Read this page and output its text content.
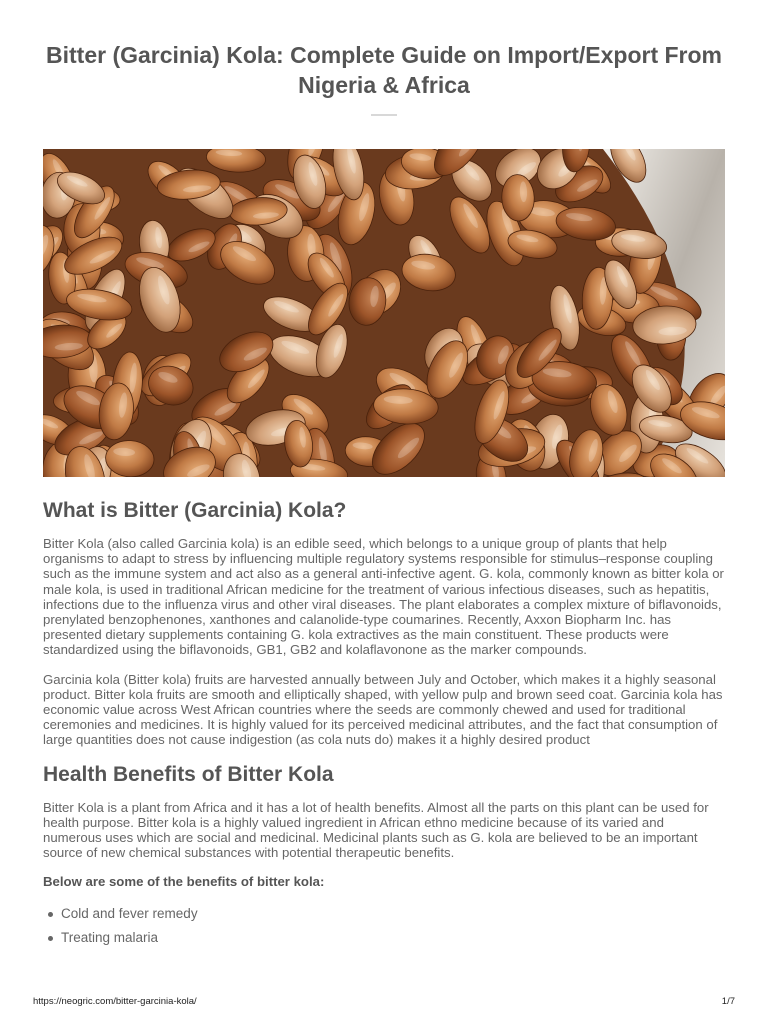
Bitter (Garcinia) Kola: Complete Guide on Import/Export From Nigeria & Africa
What is Bitter (Garcinia) Kola?

Bitter Kola (also called Garcinia kola) is an edible seed, which belongs to a unique group of plants that help organisms to adapt to stress by influencing multiple regulatory systems responsible for stimulus–response coupling such as the immune system and act also as a general anti-infective agent. G. kola, commonly known as bitter kola or male kola, is used in traditional African medicine for the treatment of various infectious diseases, such as hepatitis, infections due to the influenza virus and other viral diseases. The plant elaborates a complex mixture of biflavonoids, prenylated benzophenones, xanthones and calanolide-type coumarines. Recently, Axxon Biopharm Inc. has presented dietary supplements containing G. kola extractives as the main constituent. These products were standardized using the biflavonoids, GB1, GB2 and kolaflavonone as the marker compounds.

Garcinia kola (Bitter kola) fruits are harvested annually between July and October, which makes it a highly seasonal product. Bitter kola fruits are smooth and elliptically shaped, with yellow pulp and brown seed coat. Garcinia kola has economic value across West African countries where the seeds are commonly chewed and used for traditional ceremonies and medicines. It is highly valued for its perceived medicinal attributes, and the fact that consumption of large quantities does not cause indigestion (as cola nuts do) makes it a highly desired product

Health Benefits of Bitter Kola

Bitter Kola is a plant from Africa and it has a lot of health benefits. Almost all the parts on this plant can be used for health purpose. Bitter kola is a highly valued ingredient in African ethno medicine because of its varied and numerous uses which are social and medicinal. Medicinal plants such as G. kola are believed to be an important source of new chemical substances with potential therapeutic benefits.

Below are some of the benefits of bitter kola:

Cold and fever remedy
Treating malaria
https://neogric.com/bitter-garcinia-kola/	1/7
